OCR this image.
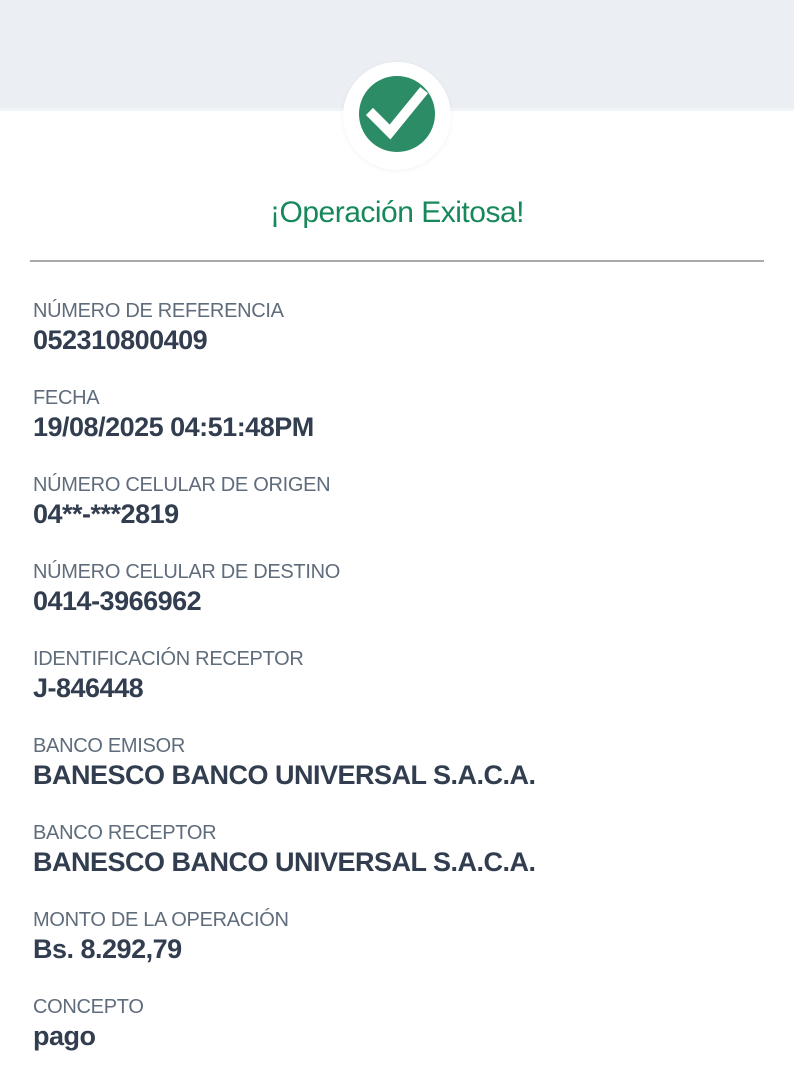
¡Operación Exitosa!
NÚMERO DE REFERENCIA
052310800409
FECHA
19/08/2025 04:51:48PM
NÚMERO CELULAR DE ORIGEN
04**-***2819
NÚMERO CELULAR DE DESTINO
0414-3966962
IDENTIFICACIÓN RECEPTOR
J-846448
BANCO EMISOR
BANESCO BANCO UNIVERSAL S.A.C.A.
BANCO RECEPTOR
BANESCO BANCO UNIVERSAL S.A.C.A.
MONTO DE LA OPERACIÓN
Bs. 8.292,79
CONCEPTO
pago
